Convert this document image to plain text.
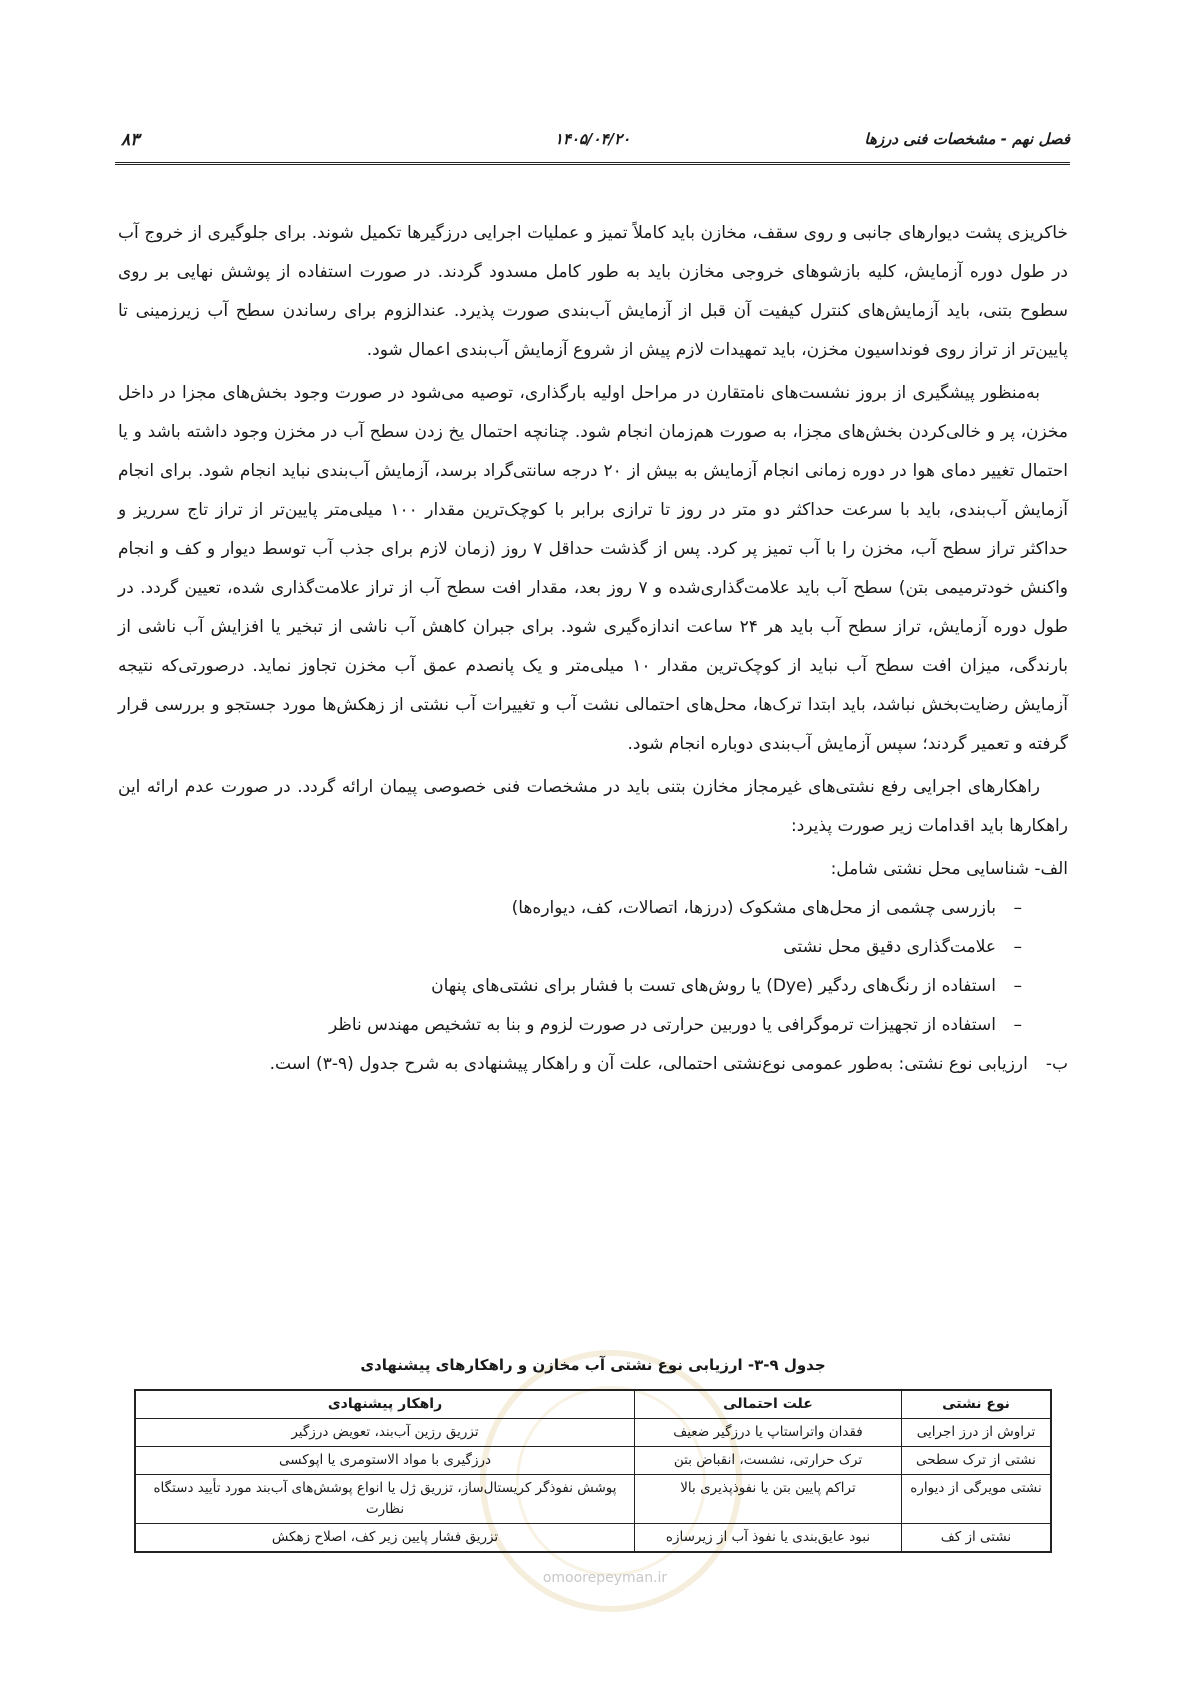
فصل نهم - مشخصات فنی درزها
۱۴۰۵/۰۴/۲۰
۸۳

خاکریزی پشت دیوارهای جانبی و روی سقف، مخازن باید کاملاً تمیز و عملیات اجرایی درزگیرها تکمیل شوند. برای جلوگیری از خروج آب در طول دوره آزمایش، کلیه بازشوهای خروجی مخازن باید به طور کامل مسدود گردند. در صورت استفاده از پوشش نهایی بر روی سطوح بتنی، باید آزمایش‌های کنترل کیفیت آن قبل از آزمایش آب‌بندی صورت پذیرد. عندالزوم برای رساندن سطح آب زیرزمینی تا پایین‌تر از تراز روی فونداسیون مخزن، باید تمهیدات لازم پیش از شروع آزمایش آب‌بندی اعمال شود.

به‌منظور پیشگیری از بروز نشست‌های نامتقارن در مراحل اولیه بارگذاری، توصیه می‌شود در صورت وجود بخش‌های مجزا در داخل مخزن، پر و خالی‌کردن بخش‌های مجزا، به صورت هم‌زمان انجام شود. چنانچه احتمال یخ زدن سطح آب در مخزن وجود داشته باشد و یا احتمال تغییر دمای هوا در دوره زمانی انجام آزمایش به بیش از ۲۰ درجه سانتی‌گراد برسد، آزمایش آب‌بندی نباید انجام شود. برای انجام آزمایش آب‌بندی، باید با سرعت حداکثر دو متر در روز تا ترازی برابر با کوچک‌ترین مقدار ۱۰۰ میلی‌متر پایین‌تر از تراز تاج سرریز و حداکثر تراز سطح آب، مخزن را با آب تمیز پر کرد. پس از گذشت حداقل ۷ روز (زمان لازم برای جذب آب توسط دیوار و کف و انجام واکنش خودترمیمی بتن) سطح آب باید علامت‌گذاری‌شده و ۷ روز بعد، مقدار افت سطح آب از تراز علامت‌گذاری شده، تعیین گردد. در طول دوره آزمایش، تراز سطح آب باید هر ۲۴ ساعت اندازه‌گیری شود. برای جبران کاهش آب ناشی از تبخیر یا افزایش آب ناشی از بارندگی، میزان افت سطح آب نباید از کوچک‌ترین مقدار ۱۰ میلی‌متر و یک پانصدم عمق آب مخزن تجاوز نماید. درصورتی‌که نتیجه آزمایش رضایت‌بخش نباشد، باید ابتدا ترک‌ها، محل‌های احتمالی نشت آب و تغییرات آب نشتی از زهکش‌ها مورد جستجو و بررسی قرار گرفته و تعمیر گردند؛ سپس آزمایش آب‌بندی دوباره انجام شود.

راهکارهای اجرایی رفع نشتی‌های غیرمجاز مخازن بتنی باید در مشخصات فنی خصوصی پیمان ارائه گردد. در صورت عدم ارائه این راهکارها باید اقدامات زیر صورت پذیرد:

الف- شناسایی محل نشتی شامل:

– بازرسی چشمی از محل‌های مشکوک (درزها، اتصالات، کف، دیواره‌ها)
– علامت‌گذاری دقیق محل نشتی
– استفاده از رنگ‌های ردگیر (Dye) یا روش‌های تست با فشار برای نشتی‌های پنهان
– استفاده از تجهیزات ترموگرافی یا دوربین حرارتی در صورت لزوم و بنا به تشخیص مهندس ناظر
ب-
ارزیابی نوع نشتی: به‌طور عمومی نوع‌نشتی احتمالی، علت آن و راهکار پیشنهادی به شرح جدول (۹-۳) است.
جدول ۹-۳- ارزیابی نوع نشتی آب مخازن و راهکارهای پیشنهادی
نوع نشتی	علت احتمالی	راهکار پیشنهادی
تراوش از درز اجرایی	فقدان واتراستاپ یا درزگیر ضعیف	تزریق رزین آب‌بند، تعویض درزگیر
نشتی از ترک سطحی	ترک حرارتی، نشست، انقباض بتن	درزگیری با مواد الاستومری یا اپوکسی
نشتی مویرگی از دیواره	تراکم پایین بتن یا نفوذپذیری بالا	پوشش نفوذگر کریستال‌ساز، تزریق ژل یا انواع پوشش‌های آب‌بند مورد تأیید دستگاه نظارت
نشتی از کف	نبود عایق‌بندی یا نفوذ آب از زیرسازه	تزریق فشار پایین زیر کف، اصلاح زهکش
omoorepeyman.ir
